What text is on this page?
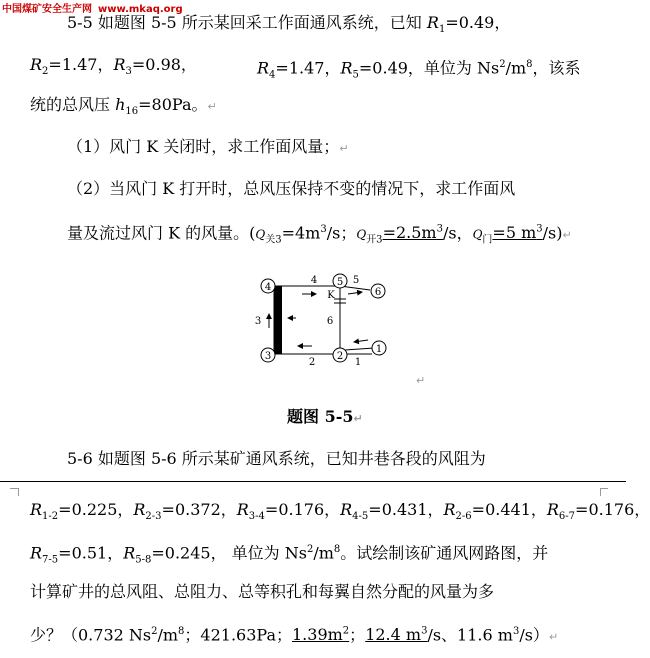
中国煤矿安全生产网 www.mkaq.org
5-5 如题图 5-5 所示某回采工作面通风系统，已知 $R_1=0.49$，
$R_2=1.47$，$R_3=0.98$，	$R_4=1.47$，$R_5=0.49$，单位为 $Ns^2/m^8$，该系
统的总风压 $h_{16}=80Pa$。↵
（1）风门 K 关闭时，求工作面风量；↵
（2）当风门 K 打开时，总风压保持不变的情况下，求工作面风
量及流过风门 K 的风量。($Q_{关3}=4m^3/s$；$Q_{开3}=2.5m^3/s$，$Q_门=5$ $m^3/s)↵$
4	5
6
3	2
1
4	5
K
6
3
2	1
↵
题图 5-5↵
5-6 如题图 5-6 所示某矿通风系统，已知井巷各段的风阻为
$R_{1-2}=0.225$，$R_{2-3}=0.372$，$R_{3-4}=0.176$，$R_{4-5}=0.431$，$R_{2-6}=0.441$，$R_{6-7}=0.176$，
$R_{7-5}=0.51$，$R_{5-8}=0.245$， 单位为 $Ns^2/m^8$。试绘制该矿通风网路图，并
计算矿井的总风阻、总阻力、总等积孔和每翼自然分配的风量为多
少？（0.732 $Ns^2/m^8$；421.63Pa；$1.39m^2$；12.4 $m^3/s$、11.6 $m^3/s)↵$
